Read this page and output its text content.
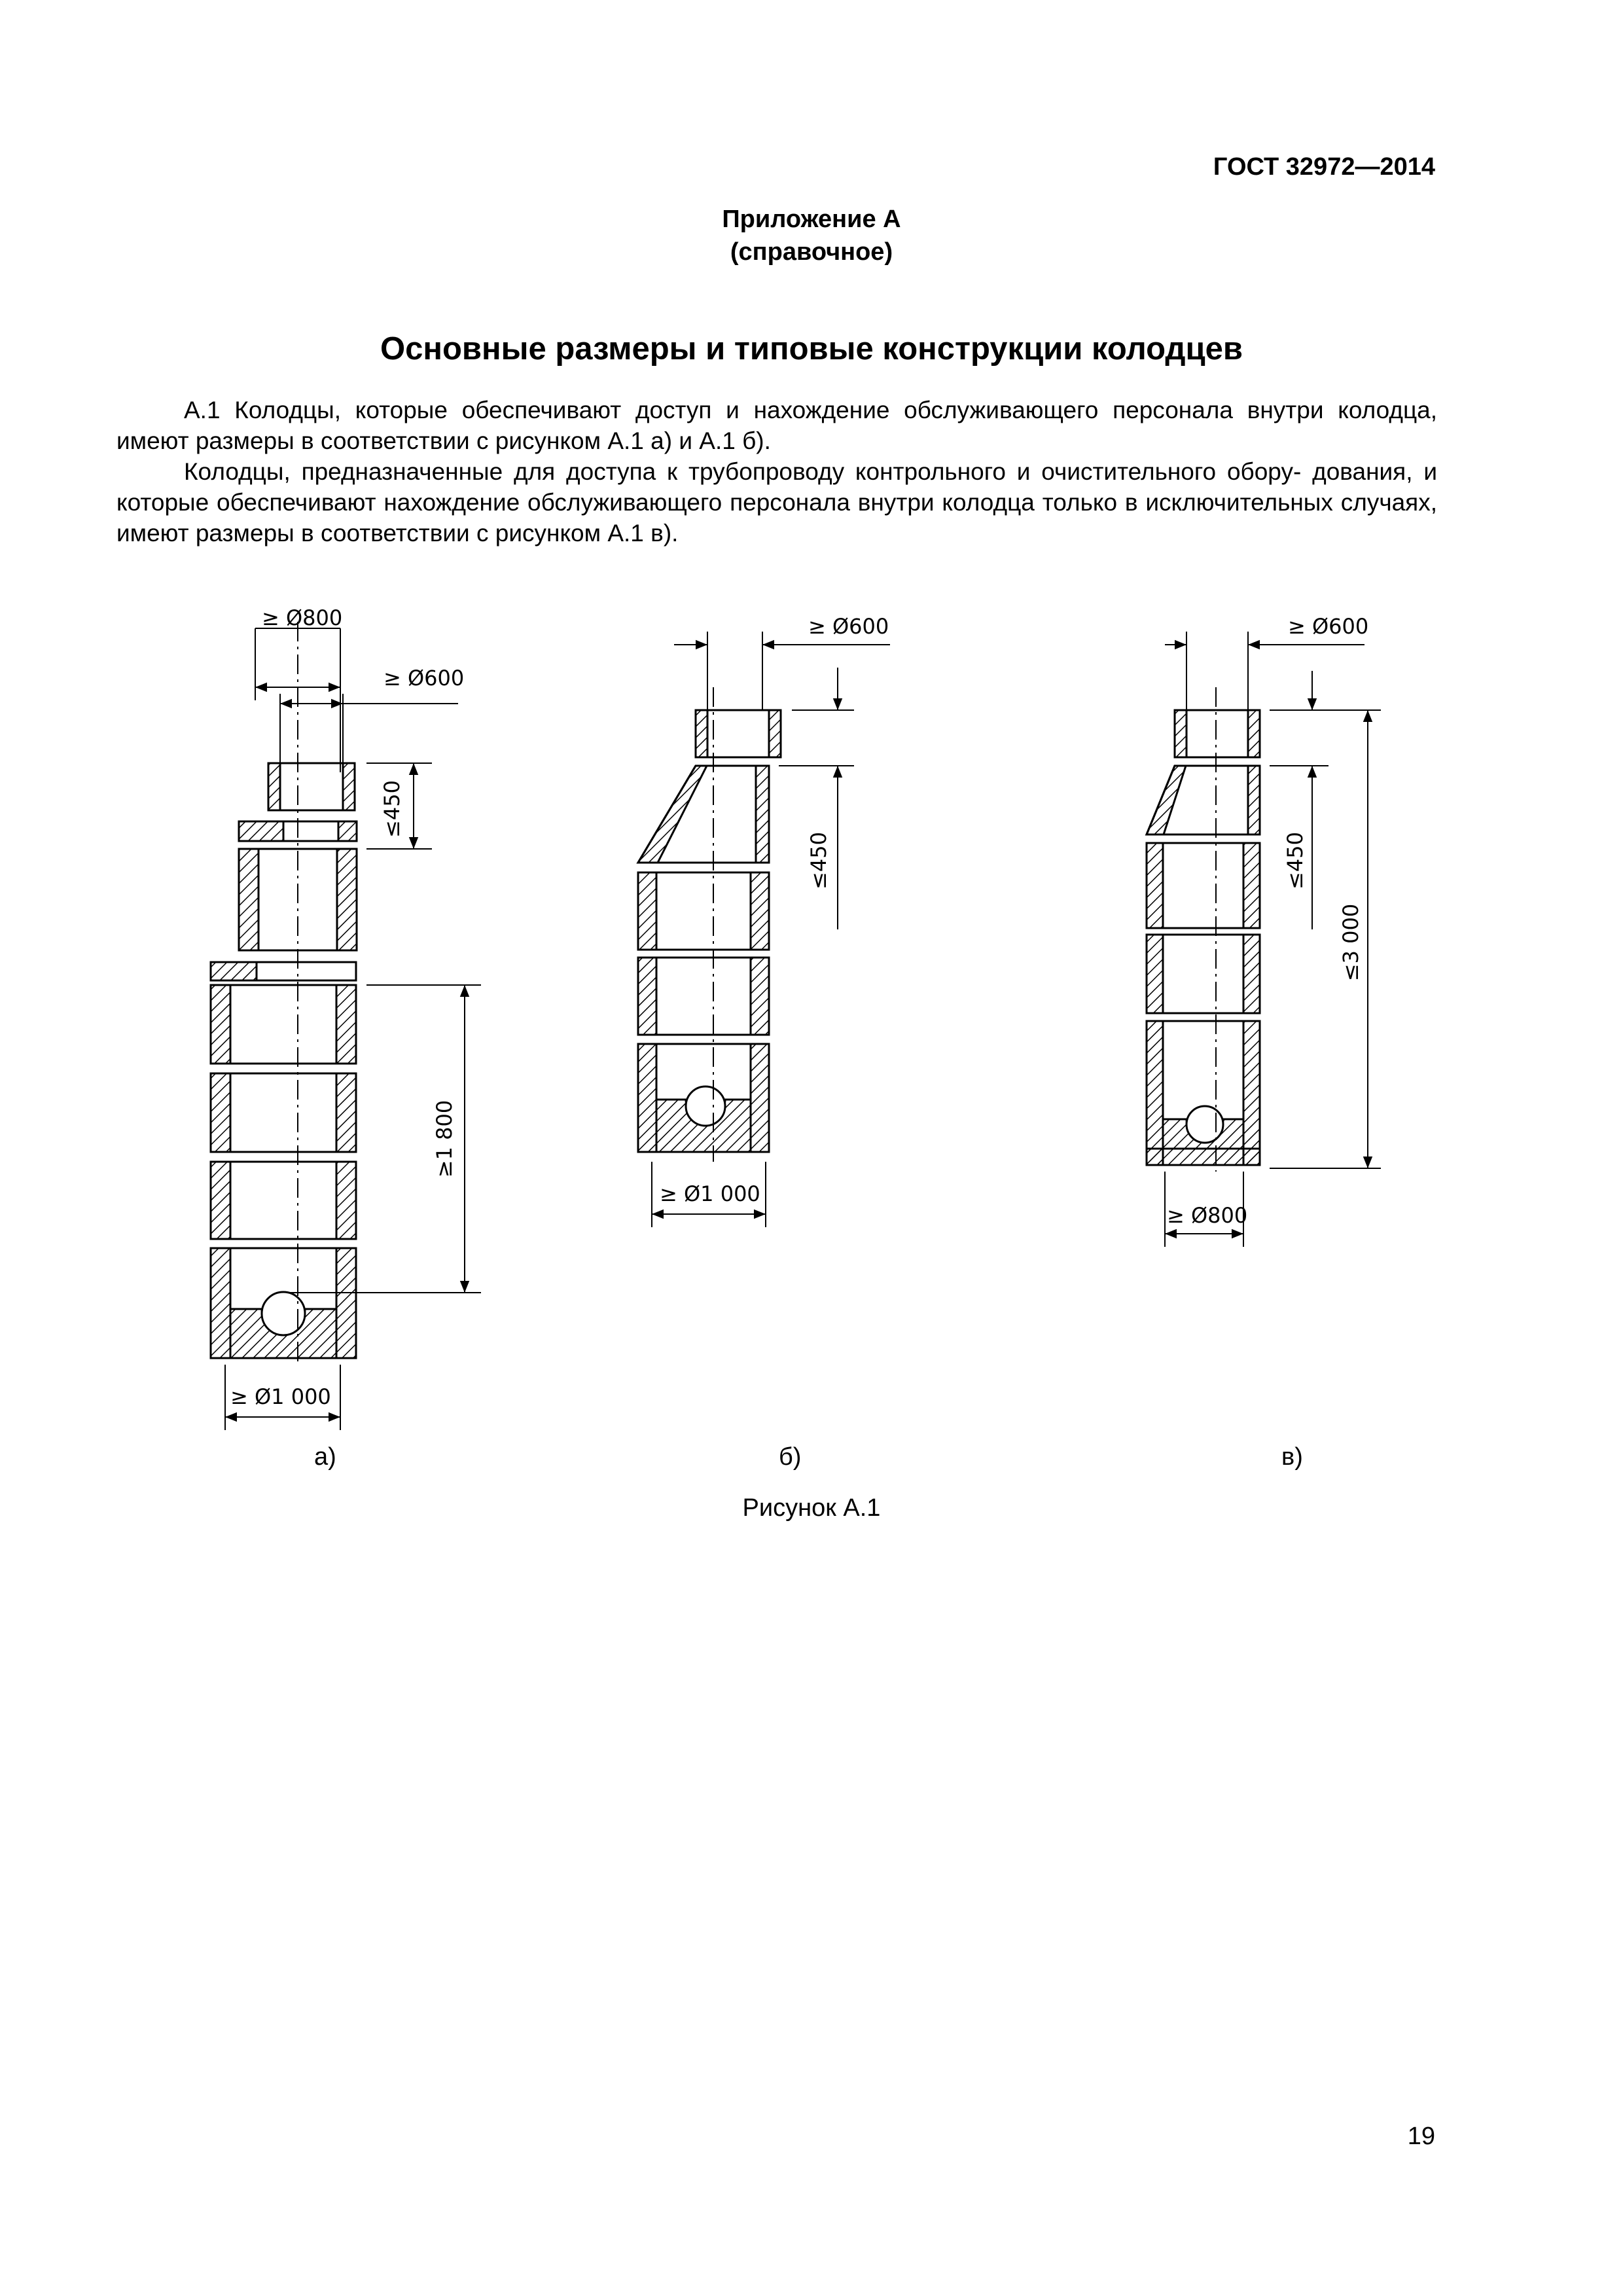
ГОСТ 32972—2014
Приложение А
(справочное)
Основные размеры и типовые конструкции колодцев

А.1 Колодцы, которые обеспечивают доступ и нахождение обслуживающего персонала внутри колодца, имеют размеры в соответствии с рисунком А.1 а) и А.1 б).

Колодцы, предназначенные для доступа к трубопроводу контрольного и очистительного обору- дования, и которые обеспечивают нахождение обслуживающего персонала внутри колодца только в исключительных случаях, имеют размеры в соответствии с рисунком А.1 в).

≥ Ø800
≥ Ø600
≤450
≥1 800
≥ Ø1 000
≥ Ø600
≤450
≥ Ø1 000
≥ Ø600
≤450
≤3 000
≥ Ø800
а)	б)	в)
Рисунок А.1
19
